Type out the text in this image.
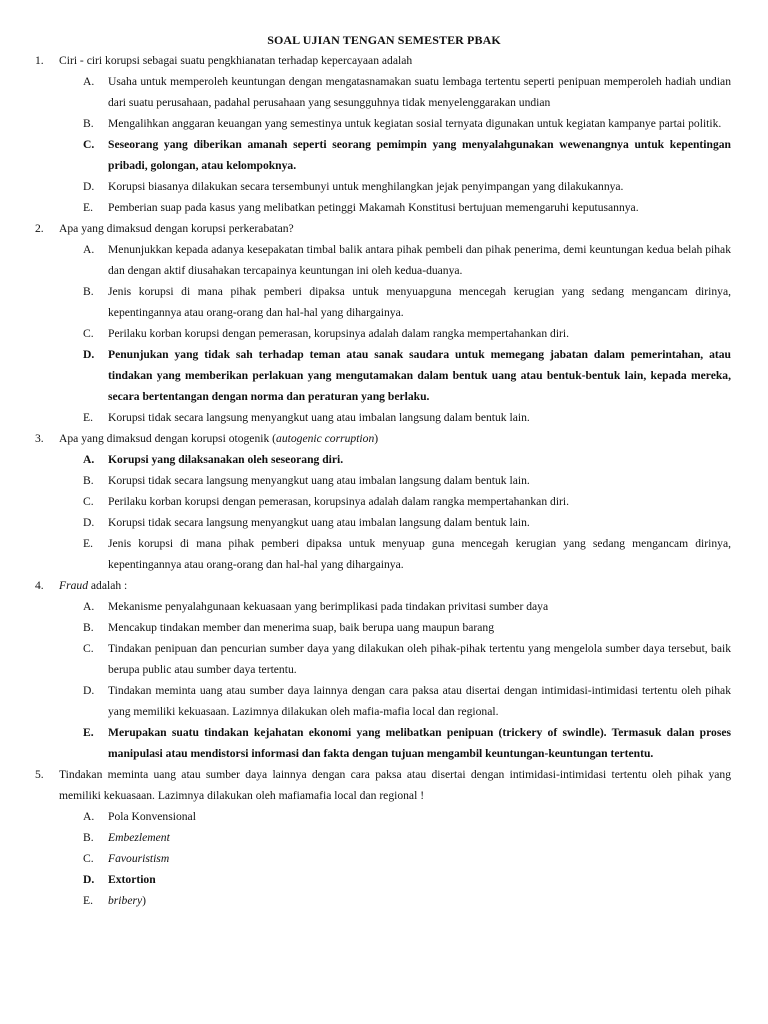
SOAL UJIAN TENGAN SEMESTER PBAK
1. Ciri - ciri korupsi sebagai suatu pengkhianatan terhadap kepercayaan adalah
A. Usaha untuk memperoleh keuntungan dengan mengatasnamakan suatu lembaga tertentu seperti penipuan memperoleh hadiah undian dari suatu perusahaan, padahal perusahaan yang sesungguhnya tidak menyelenggarakan undian
B. Mengalihkan anggaran keuangan yang semestinya untuk kegiatan sosial ternyata digunakan untuk kegiatan kampanye partai politik.
C. Seseorang yang diberikan amanah seperti seorang pemimpin yang menyalahgunakan wewenangnya untuk kepentingan pribadi, golongan, atau kelompoknya.
D. Korupsi biasanya dilakukan secara tersembunyi untuk menghilangkan jejak penyimpangan yang dilakukannya.
E. Pemberian suap pada kasus yang melibatkan petinggi Makamah Konstitusi bertujuan memengaruhi keputusannya.
2. Apa yang dimaksud dengan korupsi perkerabatan?
A. Menunjukkan kepada adanya kesepakatan timbal balik antara pihak pembeli dan pihak penerima, demi keuntungan kedua belah pihak dan dengan aktif diusahakan tercapainya keuntungan ini oleh kedua-duanya.
B. Jenis korupsi di mana pihak pemberi dipaksa untuk menyuapguna mencegah kerugian yang sedang mengancam dirinya, kepentingannya atau orang-orang dan hal-hal yang dihargainya.
C. Perilaku korban korupsi dengan pemerasan, korupsinya adalah dalam rangka mempertahankan diri.
D. Penunjukan yang tidak sah terhadap teman atau sanak saudara untuk memegang jabatan dalam pemerintahan, atau tindakan yang memberikan perlakuan yang mengutamakan dalam bentuk uang atau bentuk-bentuk lain, kepada mereka, secara bertentangan dengan norma dan peraturan yang berlaku.
E. Korupsi tidak secara langsung menyangkut uang atau imbalan langsung dalam bentuk lain.
3. Apa yang dimaksud dengan korupsi otogenik (autogenic corruption)
A. Korupsi yang dilaksanakan oleh seseorang diri.
B. Korupsi tidak secara langsung menyangkut uang atau imbalan langsung dalam bentuk lain.
C. Perilaku korban korupsi dengan pemerasan, korupsinya adalah dalam rangka mempertahankan diri.
D. Korupsi tidak secara langsung menyangkut uang atau imbalan langsung dalam bentuk lain.
E. Jenis korupsi di mana pihak pemberi dipaksa untuk menyuap guna mencegah kerugian yang sedang mengancam dirinya, kepentingannya atau orang-orang dan hal-hal yang dihargainya.
4. Fraud adalah :
A. Mekanisme penyalahgunaan kekuasaan yang berimplikasi pada tindakan privitasi sumber daya
B. Mencakup tindakan member dan menerima suap, baik berupa uang maupun barang
C. Tindakan penipuan dan pencurian sumber daya yang dilakukan oleh pihak-pihak tertentu yang mengelola sumber daya tersebut, baik berupa public atau sumber daya tertentu.
D. Tindakan meminta uang atau sumber daya lainnya dengan cara paksa atau disertai dengan intimidasi-intimidasi tertentu oleh pihak yang memiliki kekuasaan. Lazimnya dilakukan oleh mafia-mafia local dan regional.
E. Merupakan suatu tindakan kejahatan ekonomi yang melibatkan penipuan (trickery of swindle). Termasuk dalan proses manipulasi atau mendistorsi informasi dan fakta dengan tujuan mengambil keuntungan-keuntungan tertentu.
5. Tindakan meminta uang atau sumber daya lainnya dengan cara paksa atau disertai dengan intimidasi-intimidasi tertentu oleh pihak yang memiliki kekuasaan. Lazimnya dilakukan oleh mafiamafia local dan regional !
A. Pola Konvensional
B. Embezlement
C. Favouristism
D. Extortion
E. bribery)
